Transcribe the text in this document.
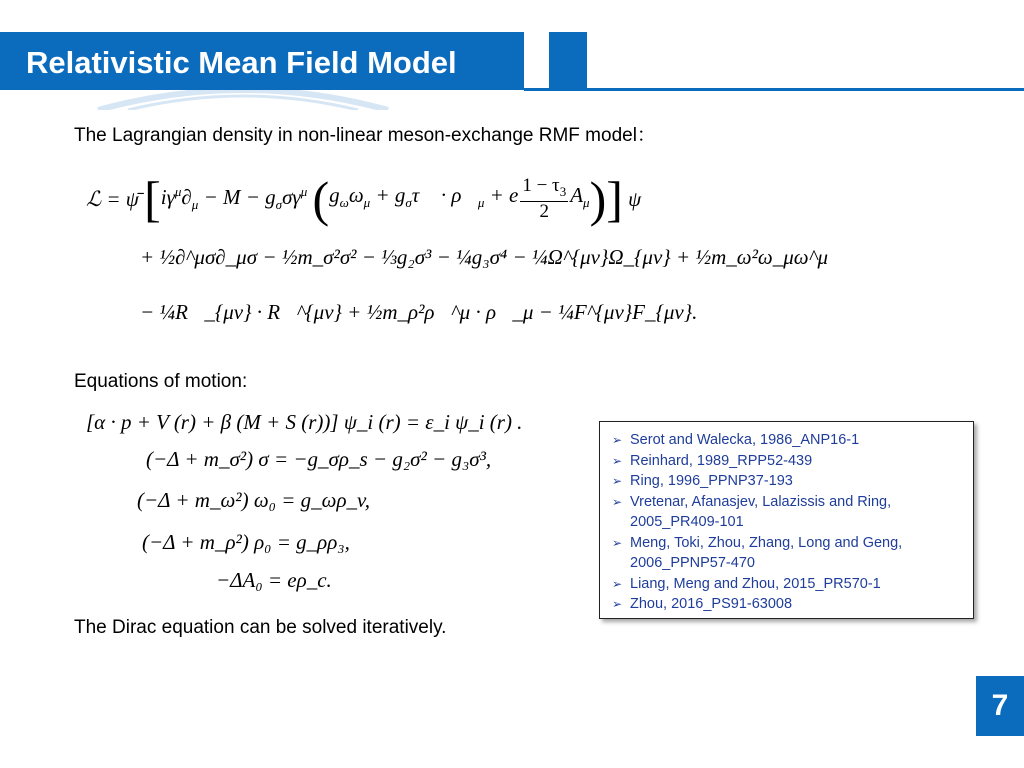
Relativistic Mean Field Model
The Lagrangian density in non-linear meson-exchange RMF model：
ℒ = ψ̄ [ $i\gamma^\mu\partial_\mu - M - g_\sigma\sigma\gamma^\mu$ ( $g_\omega\omega_\mu$ + $g_\sigma\tau⃗$ · $\rho⃗_\mu + e \frac{1 - \tau_3}{2} A_\mu$ ) ] ψ
+ ½∂^μσ∂_μσ − ½m_σ²σ² − ⅓g₂σ³ − ¼g₃σ⁴ − ¼Ω^{μν}Ω_{μν} + ½m_ω²ω_μω^μ
− ¼R⃗_{μν} · R⃗^{μν} + ½m_ρ²ρ⃗^μ · ρ⃗_μ − ¼F^{μν}F_{μν}.
Equations of motion:
[α · p + V (r) + β (M + S (r))] ψ_i (r) = ε_i ψ_i (r) .
(−Δ + m_σ²) σ = −g_σρ_s − g₂σ² − g₃σ³,
(−Δ + m_ω²) ω₀ = g_ωρ_v,
(−Δ + m_ρ²) ρ₀ = g_ρρ₃,
−ΔA₀ = eρ_c.
The Dirac equation can be solved iteratively.
➢ Serot and Walecka, 1986_ANP16-1
➢ Reinhard, 1989_RPP52-439
➢ Ring, 1996_PPNP37-193
➢ Vretenar, Afanasjev, Lalazissis and Ring, 2005_PR409-101
➢ Meng, Toki, Zhou, Zhang, Long and Geng, 2006_PPNP57-470
➢ Liang, Meng and Zhou, 2015_PR570-1
➢ Zhou, 2016_PS91-63008
7
